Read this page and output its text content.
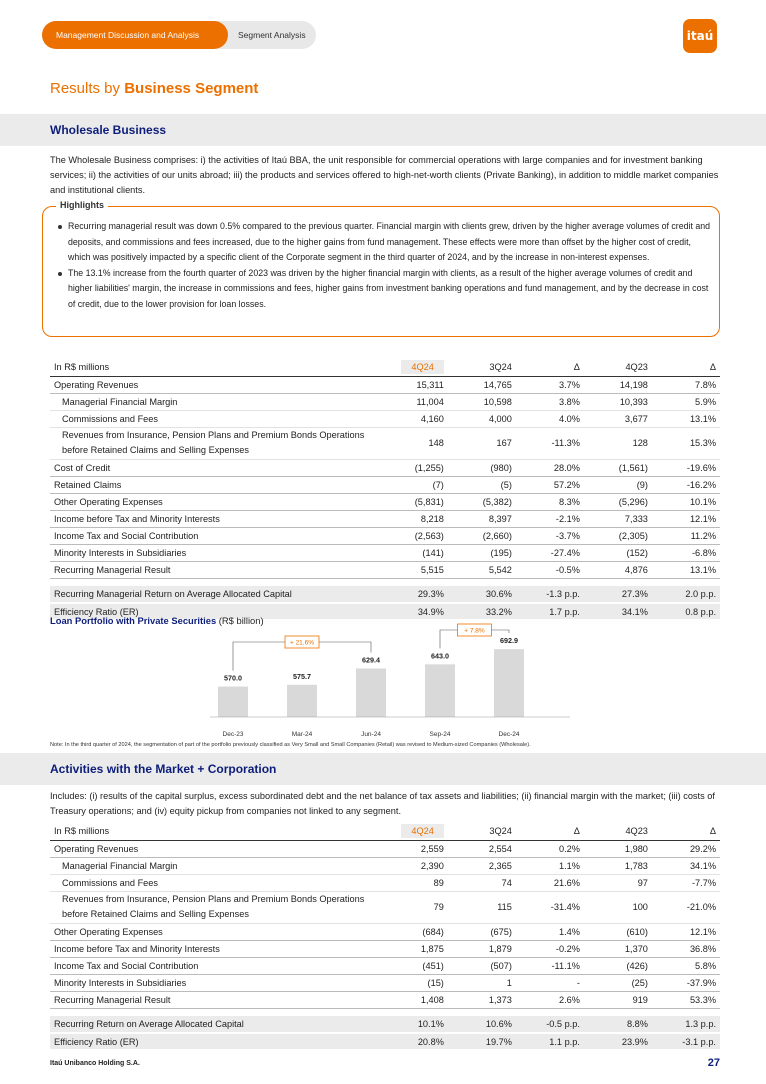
Management Discussion and Analysis	Segment Analysis	itaú
Results by Business Segment
Wholesale Business
The Wholesale Business comprises: i) the activities of Itaú BBA, the unit responsible for commercial operations with large companies and for investment banking services; ii) the activities of our units abroad; iii) the products and services offered to high-net-worth clients (Private Banking), in addition to middle market companies and institutional clients.
Highlights
Recurring managerial result was down 0.5% compared to the previous quarter. Financial margin with clients grew, driven by the higher average volumes of credit and deposits, and commissions and fees increased, due to the higher gains from fund management. These effects were more than offset by the higher cost of credit, which was positively impacted by a specific client of the Corporate segment in the third quarter of 2024, and by the increase in non-interest expenses.
The 13.1% increase from the fourth quarter of 2023 was driven by the higher financial margin with clients, as a result of the higher average volumes of credit and higher liabilities' margin, the increase in commissions and fees, higher gains from investment banking operations and fund management, and by the decrease in cost of credit, due to the lower provision for loan losses.
In R$ millions	4Q24	3Q24	Δ	4Q23	Δ
Operating Revenues	15,311	14,765	3.7%	14,198	7.8%
Managerial Financial Margin	11,004	10,598	3.8%	10,393	5.9%
Commissions and Fees	4,160	4,000	4.0%	3,677	13.1%
Revenues from Insurance, Pension Plans and Premium Bonds Operations before Retained Claims and Selling Expenses	148	167	-11.3%	128	15.3%
Cost of Credit	(1,255)	(980)	28.0%	(1,561)	-19.6%
Retained Claims	(7)	(5)	57.2%	(9)	-16.2%
Other Operating Expenses	(5,831)	(5,382)	8.3%	(5,296)	10.1%
Income before Tax and Minority Interests	8,218	8,397	-2.1%	7,333	12.1%
Income Tax and Social Contribution	(2,563)	(2,660)	-3.7%	(2,305)	11.2%
Minority Interests in Subsidiaries	(141)	(195)	-27.4%	(152)	-6.8%
Recurring Managerial Result	5,515	5,542	-0.5%	4,876	13.1%

Recurring Managerial Return on Average Allocated Capital	29.3%	30.6%	-1.3 p.p.	27.3%	2.0 p.p.
Efficiency Ratio (ER)	34.9%	33.2%	1.7 p.p.	34.1%	0.8 p.p.
Loan Portfolio with Private Securities (R$ billion)
570.0
Dec-23
575.7
Mar-24
629.4
Jun-24
643.0
Sep-24
692.9
Dec-24
+ 21.6%
+ 7.8%
Note: In the third quarter of 2024, the segmentation of part of the portfolio previously classified as Very Small and Small Companies (Retail) was revised to Medium-sized Companies (Wholesale).
Activities with the Market + Corporation
Includes: (i) results of the capital surplus, excess subordinated debt and the net balance of tax assets and liabilities; (ii) financial margin with the market; (iii) costs of Treasury operations; and (iv) equity pickup from companies not linked to any segment.
In R$ millions	4Q24	3Q24	Δ	4Q23	Δ
Operating Revenues	2,559	2,554	0.2%	1,980	29.2%
Managerial Financial Margin	2,390	2,365	1.1%	1,783	34.1%
Commissions and Fees	89	74	21.6%	97	-7.7%
Revenues from Insurance, Pension Plans and Premium Bonds Operations before Retained Claims and Selling Expenses	79	115	-31.4%	100	-21.0%
Other Operating Expenses	(684)	(675)	1.4%	(610)	12.1%
Income before Tax and Minority Interests	1,875	1,879	-0.2%	1,370	36.8%
Income Tax and Social Contribution	(451)	(507)	-11.1%	(426)	5.8%
Minority Interests in Subsidiaries	(15)	1	-	(25)	-37.9%
Recurring Managerial Result	1,408	1,373	2.6%	919	53.3%

Recurring Return on Average Allocated Capital	10.1%	10.6%	-0.5 p.p.	8.8%	1.3 p.p.
Efficiency Ratio (ER)	20.8%	19.7%	1.1 p.p.	23.9%	-3.1 p.p.
Itaú Unibanco Holding S.A.	27
